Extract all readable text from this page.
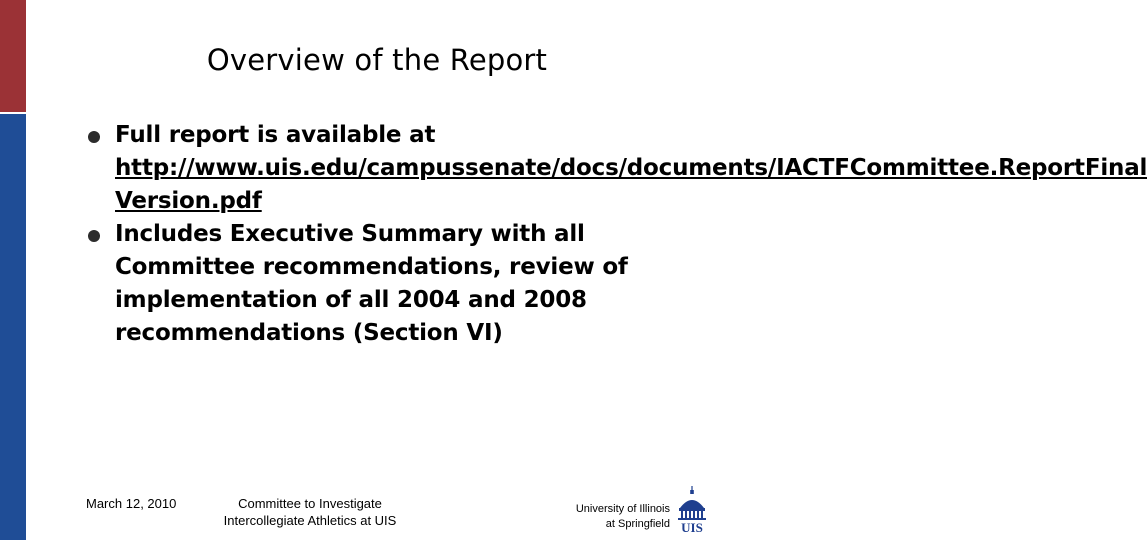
Overview of the Report
Full report is available at http://www.uis.edu/campussenate/docs/documents/IACTFCommittee.ReportFinal Version.pdf
Includes Executive Summary with all Committee recommendations, review of implementation of all 2004 and 2008 recommendations (Section VI)
March 12, 2010	Committee to Investigate
Intercollegiate Athletics at UIS
University of Illinois
at Springfield UIS
